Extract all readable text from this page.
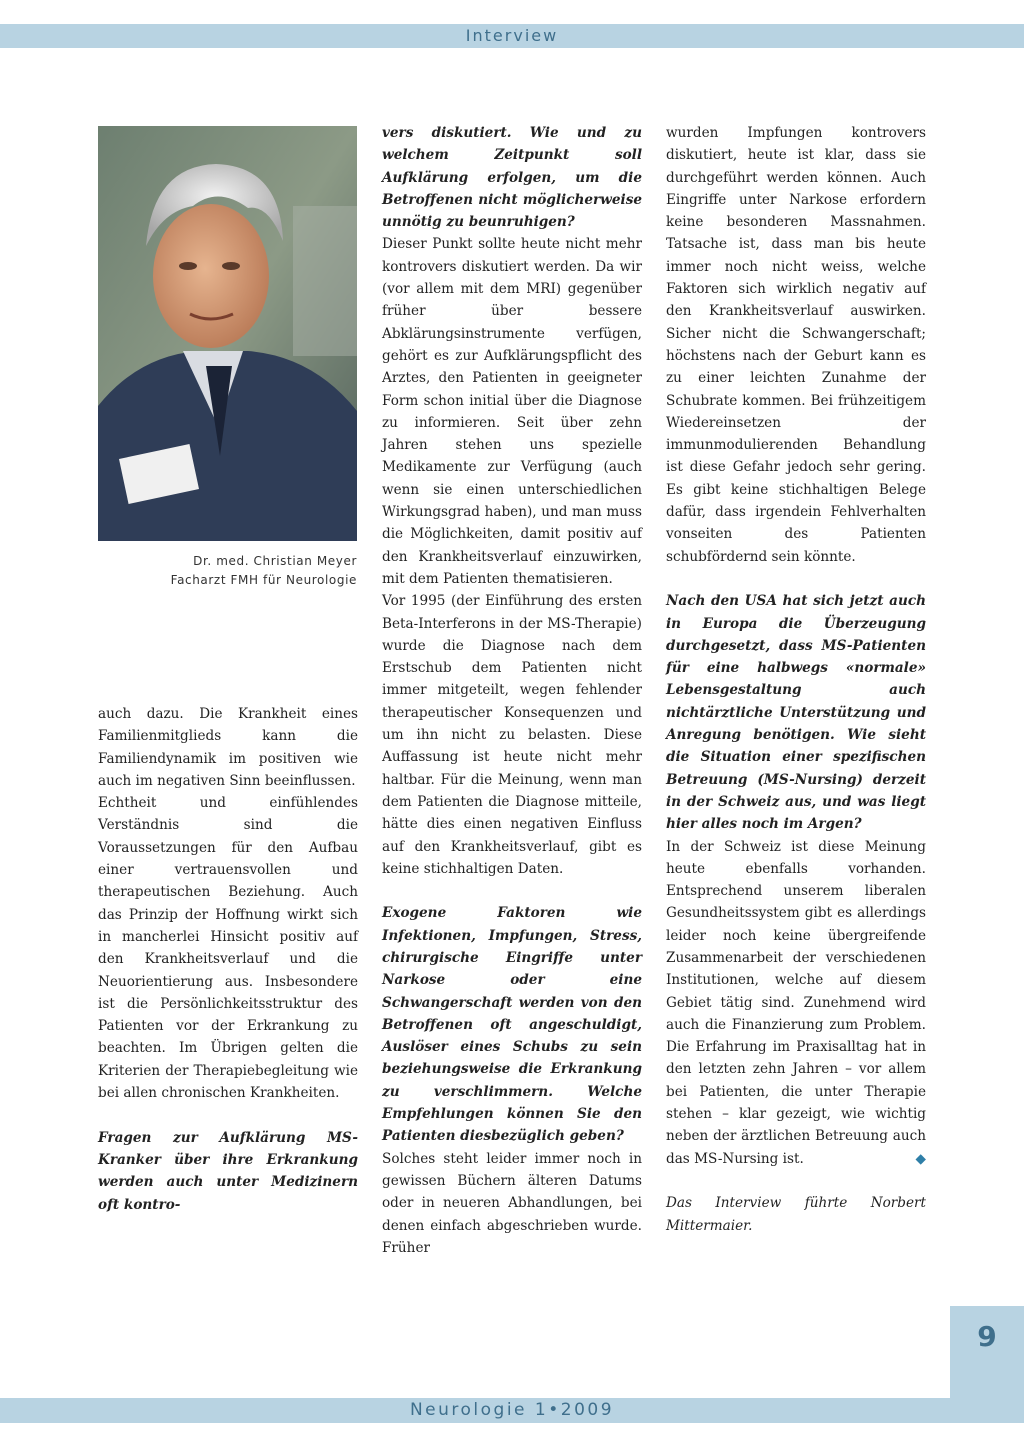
Interview
Dr. med. Christian Meyer
Facharzt FMH für Neurologie

auch dazu. Die Krankheit eines Familienmitglieds kann die Familiendynamik im positiven wie auch im negativen Sinn beeinflussen.

Echtheit und einfühlendes Verständnis sind die Voraussetzungen für den Aufbau einer vertrauensvollen und therapeutischen Beziehung. Auch das Prinzip der Hoffnung wirkt sich in mancherlei Hinsicht positiv auf den Krankheitsverlauf und die Neuorientierung aus. Insbesondere ist die Persönlichkeitsstruktur des Patienten vor der Erkrankung zu beachten. Im Übrigen gelten die Kriterien der Therapiebegleitung wie bei allen chronischen Krankheiten.

Fragen zur Aufklärung MS-Kranker über ihre Erkrankung werden auch unter Medizinern oft kontro-

vers diskutiert. Wie und zu welchem Zeitpunkt soll Aufklärung erfolgen, um die Betroffenen nicht möglicherweise unnötig zu beunruhigen?

Dieser Punkt sollte heute nicht mehr kontrovers diskutiert werden. Da wir (vor allem mit dem MRI) gegenüber früher über bessere Abklärungsinstrumente verfügen, gehört es zur Aufklärungspflicht des Arztes, den Patienten in geeigneter Form schon initial über die Diagnose zu informieren. Seit über zehn Jahren stehen uns spezielle Medikamente zur Verfügung (auch wenn sie einen unterschiedlichen Wirkungsgrad haben), und man muss die Möglichkeiten, damit positiv auf den Krankheitsverlauf einzuwirken, mit dem Patienten thematisieren.

Vor 1995 (der Einführung des ersten Beta-Interferons in der MS-Therapie) wurde die Diagnose nach dem Erstschub dem Patienten nicht immer mitgeteilt, wegen fehlender therapeutischer Konsequenzen und um ihn nicht zu belasten. Diese Auffassung ist heute nicht mehr haltbar. Für die Meinung, wenn man dem Patienten die Diagnose mitteile, hätte dies einen negativen Einfluss auf den Krankheitsverlauf, gibt es keine stichhaltigen Daten.

Exogene Faktoren wie Infektionen, Impfungen, Stress, chirurgische Eingriffe unter Narkose oder eine Schwangerschaft werden von den Betroffenen oft angeschuldigt, Auslöser eines Schubs zu sein beziehungsweise die Erkrankung zu verschlimmern. Welche Empfehlungen können Sie den Patienten diesbezüglich geben?

Solches steht leider immer noch in gewissen Büchern älteren Datums oder in neueren Abhandlungen, bei denen einfach abgeschrieben wurde. Früher

wurden Impfungen kontrovers diskutiert, heute ist klar, dass sie durchgeführt werden können. Auch Eingriffe unter Narkose erfordern keine besonderen Massnahmen. Tatsache ist, dass man bis heute immer noch nicht weiss, welche Faktoren sich wirklich negativ auf den Krankheitsverlauf auswirken. Sicher nicht die Schwangerschaft; höchstens nach der Geburt kann es zu einer leichten Zunahme der Schubrate kommen. Bei frühzeitigem Wiedereinsetzen der immunmodulierenden Behandlung ist diese Gefahr jedoch sehr gering. Es gibt keine stichhaltigen Belege dafür, dass irgendein Fehlverhalten vonseiten des Patienten schubfördernd sein könnte.

Nach den USA hat sich jetzt auch in Europa die Überzeugung durchgesetzt, dass MS-Patienten für eine halbwegs «normale» Lebensgestaltung auch nichtärztliche Unterstützung und Anregung benötigen. Wie sieht die Situation einer spezifischen Betreuung (MS-Nursing) derzeit in der Schweiz aus, und was liegt hier alles noch im Argen?

In der Schweiz ist diese Meinung heute ebenfalls vorhanden. Entsprechend unserem liberalen Gesundheitssystem gibt es allerdings leider noch keine übergreifende Zusammenarbeit der verschiedenen Institutionen, welche auf diesem Gebiet tätig sind. Zunehmend wird auch die Finanzierung zum Problem. Die Erfahrung im Praxisalltag hat in den letzten zehn Jahren – vor allem bei Patienten, die unter Therapie stehen – klar gezeigt, wie wichtig neben der ärztlichen Betreuung auch das MS-Nursing ist.	◆

Das Interview führte Norbert Mittermaier.

9
Neurologie 1•2009
